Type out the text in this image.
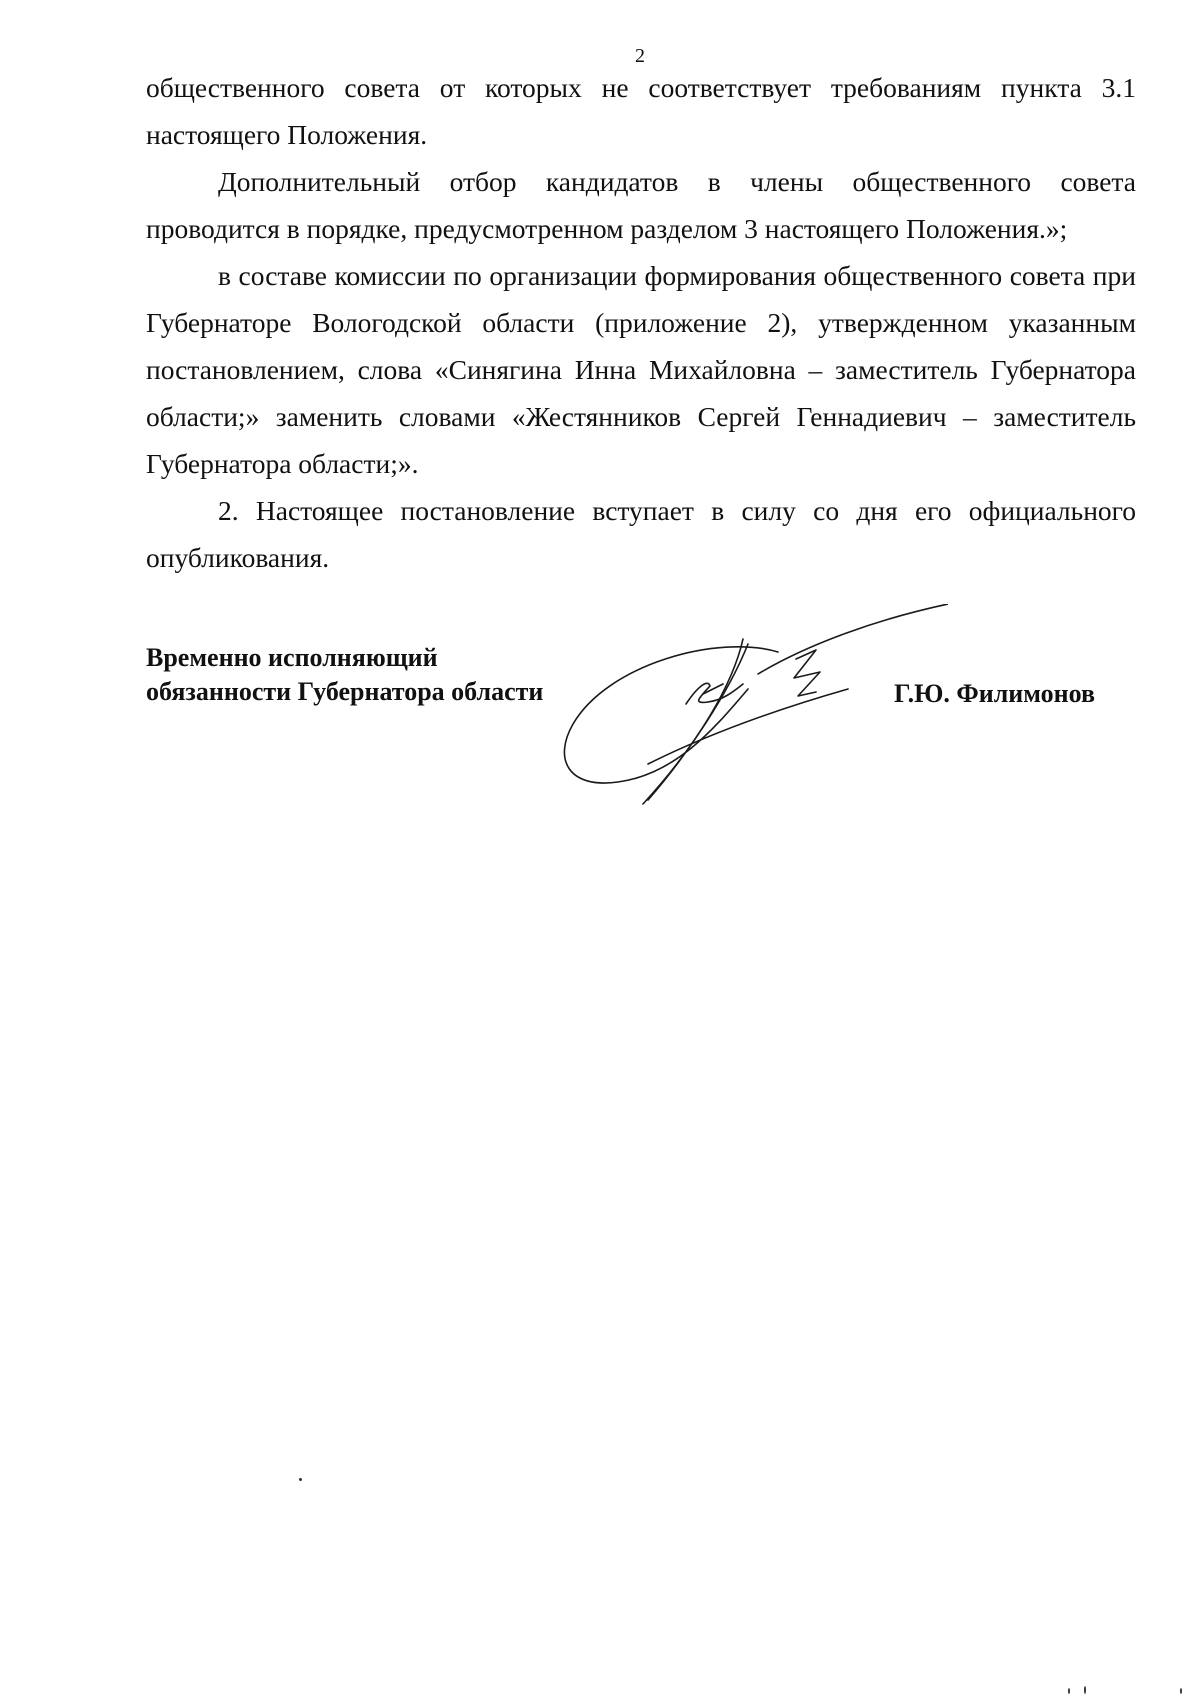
2

общественного совета от которых не соответствует требованиям пункта 3.1 настоящего Положения.

Дополнительный отбор кандидатов в члены общественного совета проводится в порядке, предусмотренном разделом 3 настоящего Положения.»;

в составе комиссии по организации формирования общественного совета при Губернаторе Вологодской области (приложение 2), утвержденном указанным постановлением, слова «Синягина Инна Михайловна – заместитель Губернатора области;» заменить словами «Жестянников Сергей Геннадиевич – заместитель Губернатора области;».

2. Настоящее постановление вступает в силу со дня его официального опубликования.

Временно исполняющий
обязанности Губернатора области	Г.Ю. Филимонов
